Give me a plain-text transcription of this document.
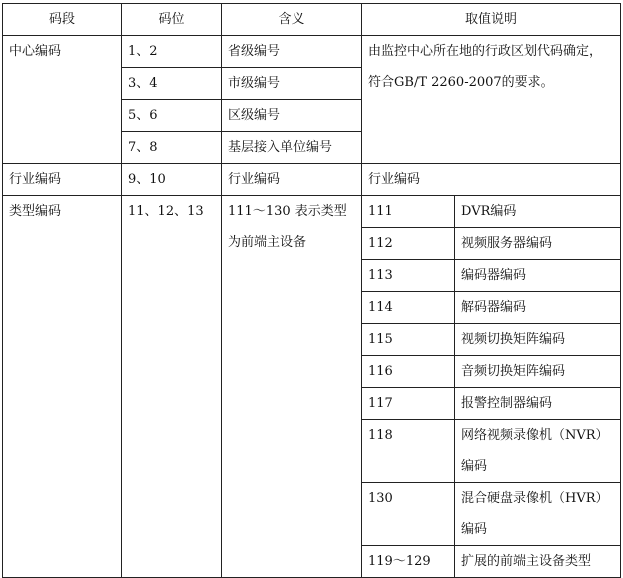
码段	码位	含义	取值说明	
中心编码	1、2	省级编号	由监控中心所在地的行政区划代码确定，符合GB/T 2260-2007的要求。	
	3、4	市级编号		
	5、6	区级编号		
	7、8	基层接入单位编号		
行业编码	9、10	行业编码	行业编码	
类型编码	11、12、13	111～130 表示类型为前端主设备	111	DVR编码
			112	视频服务器编码
			113	编码器编码
			114	解码器编码
			115	视频切换矩阵编码
			116	音频切换矩阵编码
			117	报警控制器编码
			118	网络视频录像机（NVR）编码
			130	混合硬盘录像机（HVR）编码
			119～129	扩展的前端主设备类型
